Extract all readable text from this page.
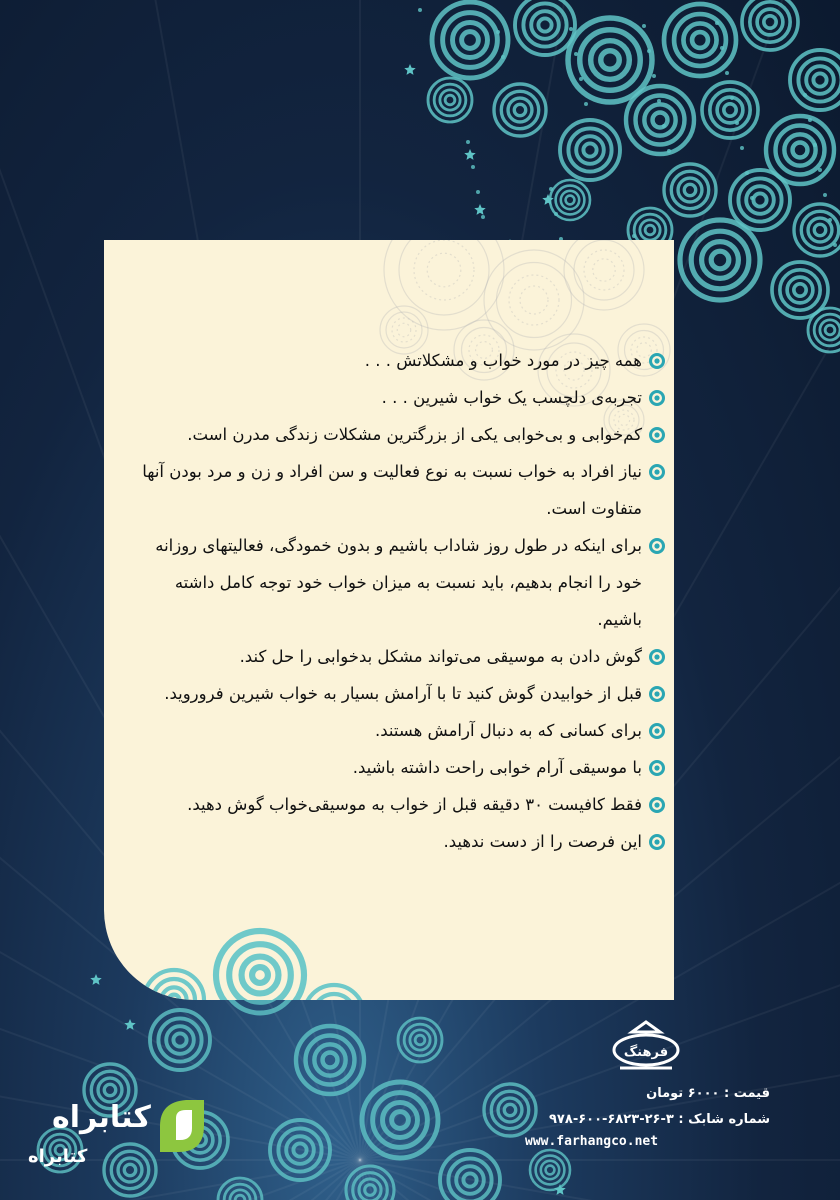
همه چیز در مورد خواب و مشکلاتش . . .
تجربه‌ی دلچسب یک خواب شیرین . . .
کم‌خوابی و بی‌خوابی یکی از بزرگترین مشکلات زندگی مدرن است.
نیاز افراد به خواب نسبت به نوع فعالیت و سن افراد و زن و مرد بودن آنها متفاوت است.
برای اینکه در طول روز شاداب باشیم و بدون خمودگی، فعالیتهای روزانه خود را انجام بدهیم، باید نسبت به میزان خواب خود توجه کامل داشته باشیم.
گوش دادن به موسیقی می‌تواند مشکل بدخوابی را حل کند.
قبل از خوابیدن گوش کنید تا با آرامش بسیار به خواب شیرین فروروید.
برای کسانی که به دنبال آرامش هستند.
با موسیقی آرام خوابی راحت داشته باشید.
فقط کافیست ۳۰ دقیقه قبل از خواب به موسیقی‌خواب گوش دهید.
این فرصت را از دست ندهید.
فرهنگ
قیمت : ۶۰۰۰ تومان
شماره شابک : ۳-۲۶-۶۸۲۳-۶۰۰-۹۷۸
www.farhangco.net
کتابراه
کتابراه
